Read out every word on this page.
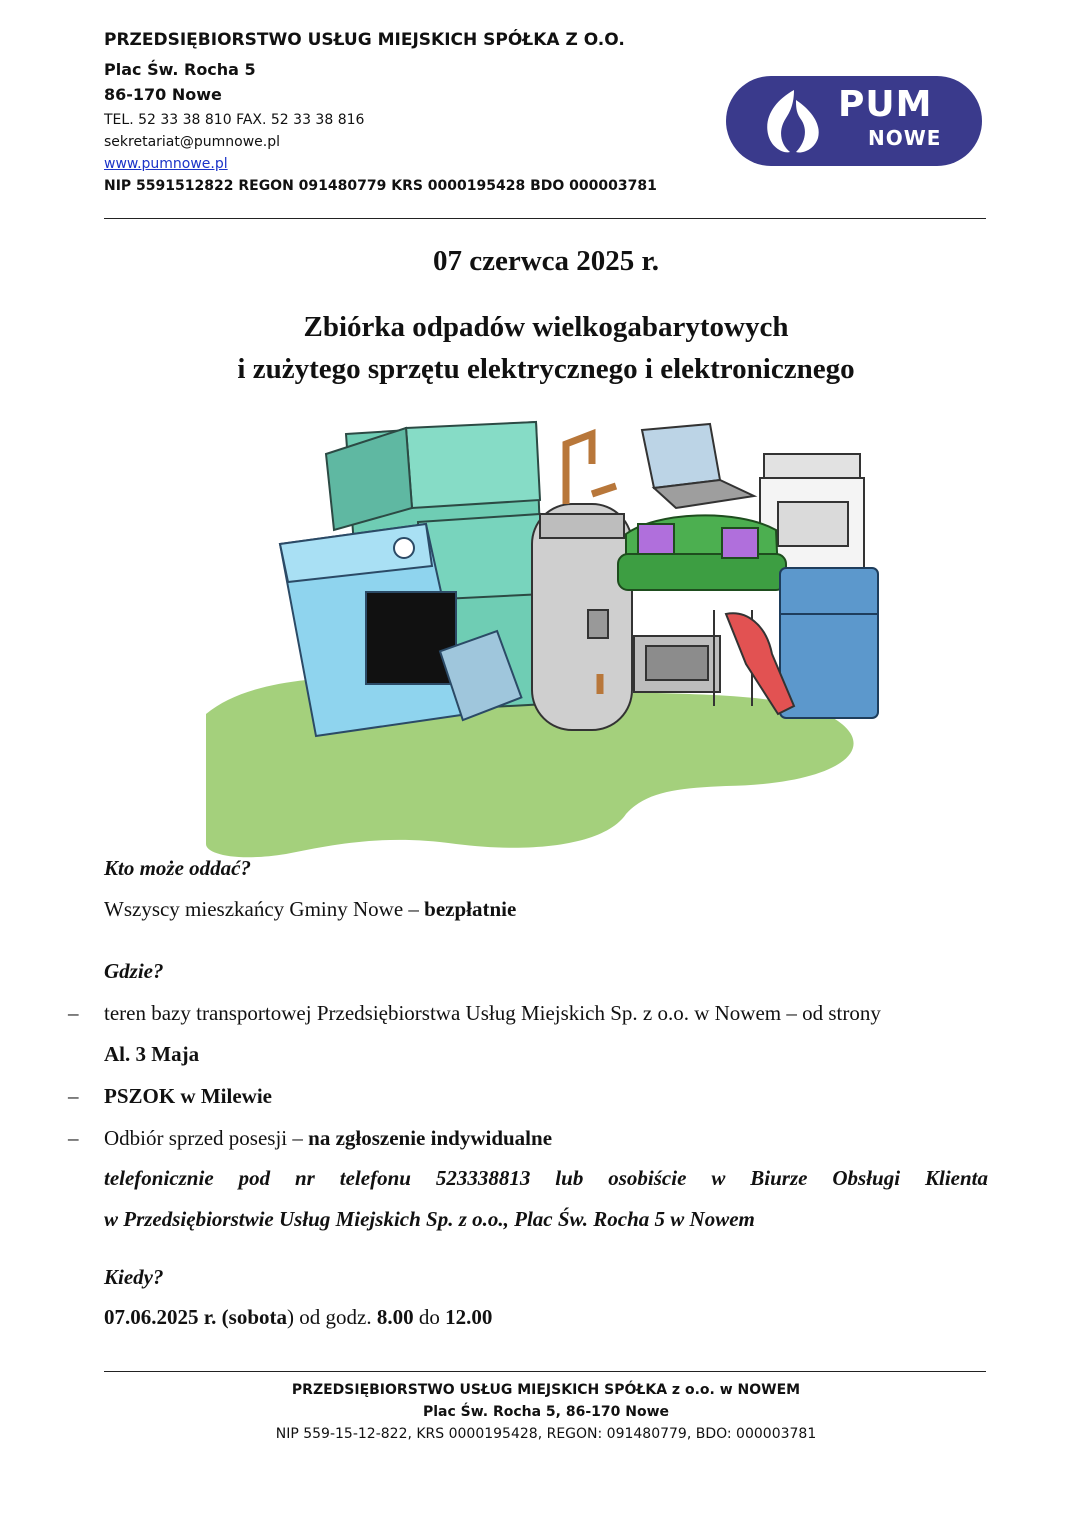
PRZEDSIĘBIORSTWO USŁUG MIEJSKICH SPÓŁKA Z O.O.
Plac Św. Rocha 5
86-170 Nowe
TEL. 52 33 38 810 FAX. 52 33 38 816
sekretariat@pumnowe.pl
www.pumnowe.pl
NIP 5591512822 REGON 091480779 KRS 0000195428 BDO 000003781
PUM
NOWE
07 czerwca 2025 r.
Zbiórka odpadów wielkogabarytowych
i zużytego sprzętu elektrycznego i elektronicznego
Kto może oddać?
Wszyscy mieszkańcy Gminy Nowe – bezpłatnie
Gdzie?
– teren bazy transportowej Przedsiębiorstwa Usług Miejskich Sp. z o.o. w Nowem – od strony
Al. 3 Maja
– PSZOK w Milewie
– Odbiór sprzed posesji – na zgłoszenie indywidualne
telefonicznie pod nr telefonu 523338813 lub osobiście w Biurze Obsługi Klienta
w Przedsiębiorstwie Usług Miejskich Sp. z o.o., Plac Św. Rocha 5 w Nowem
Kiedy?
07.06.2025 r. (sobota) od godz. 8.00 do 12.00
PRZEDSIĘBIORSTWO USŁUG MIEJSKICH SPÓŁKA z o.o. w NOWEM
Plac Św. Rocha 5, 86-170 Nowe
NIP 559-15-12-822, KRS 0000195428, REGON: 091480779, BDO: 000003781
